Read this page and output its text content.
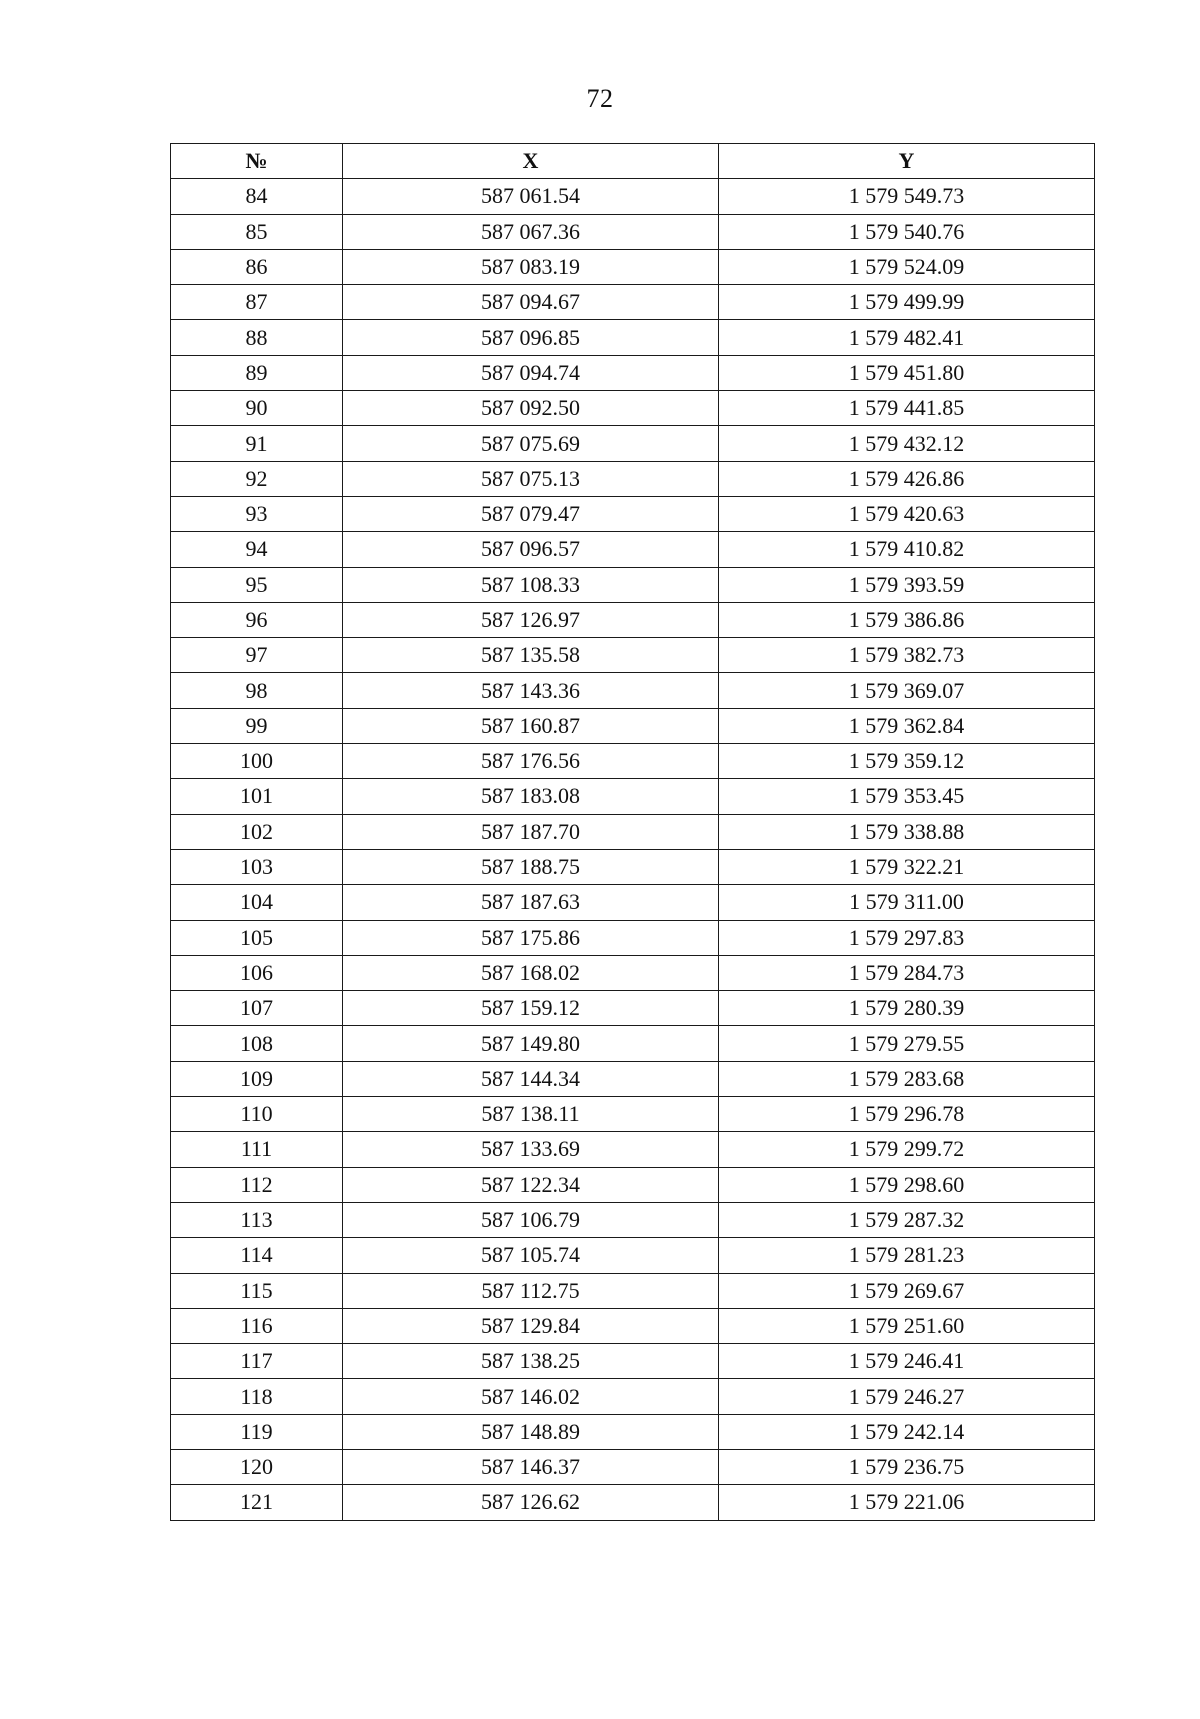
72
№	X	Y
84	587 061.54	1 579 549.73
85	587 067.36	1 579 540.76
86	587 083.19	1 579 524.09
87	587 094.67	1 579 499.99
88	587 096.85	1 579 482.41
89	587 094.74	1 579 451.80
90	587 092.50	1 579 441.85
91	587 075.69	1 579 432.12
92	587 075.13	1 579 426.86
93	587 079.47	1 579 420.63
94	587 096.57	1 579 410.82
95	587 108.33	1 579 393.59
96	587 126.97	1 579 386.86
97	587 135.58	1 579 382.73
98	587 143.36	1 579 369.07
99	587 160.87	1 579 362.84
100	587 176.56	1 579 359.12
101	587 183.08	1 579 353.45
102	587 187.70	1 579 338.88
103	587 188.75	1 579 322.21
104	587 187.63	1 579 311.00
105	587 175.86	1 579 297.83
106	587 168.02	1 579 284.73
107	587 159.12	1 579 280.39
108	587 149.80	1 579 279.55
109	587 144.34	1 579 283.68
110	587 138.11	1 579 296.78
111	587 133.69	1 579 299.72
112	587 122.34	1 579 298.60
113	587 106.79	1 579 287.32
114	587 105.74	1 579 281.23
115	587 112.75	1 579 269.67
116	587 129.84	1 579 251.60
117	587 138.25	1 579 246.41
118	587 146.02	1 579 246.27
119	587 148.89	1 579 242.14
120	587 146.37	1 579 236.75
121	587 126.62	1 579 221.06
